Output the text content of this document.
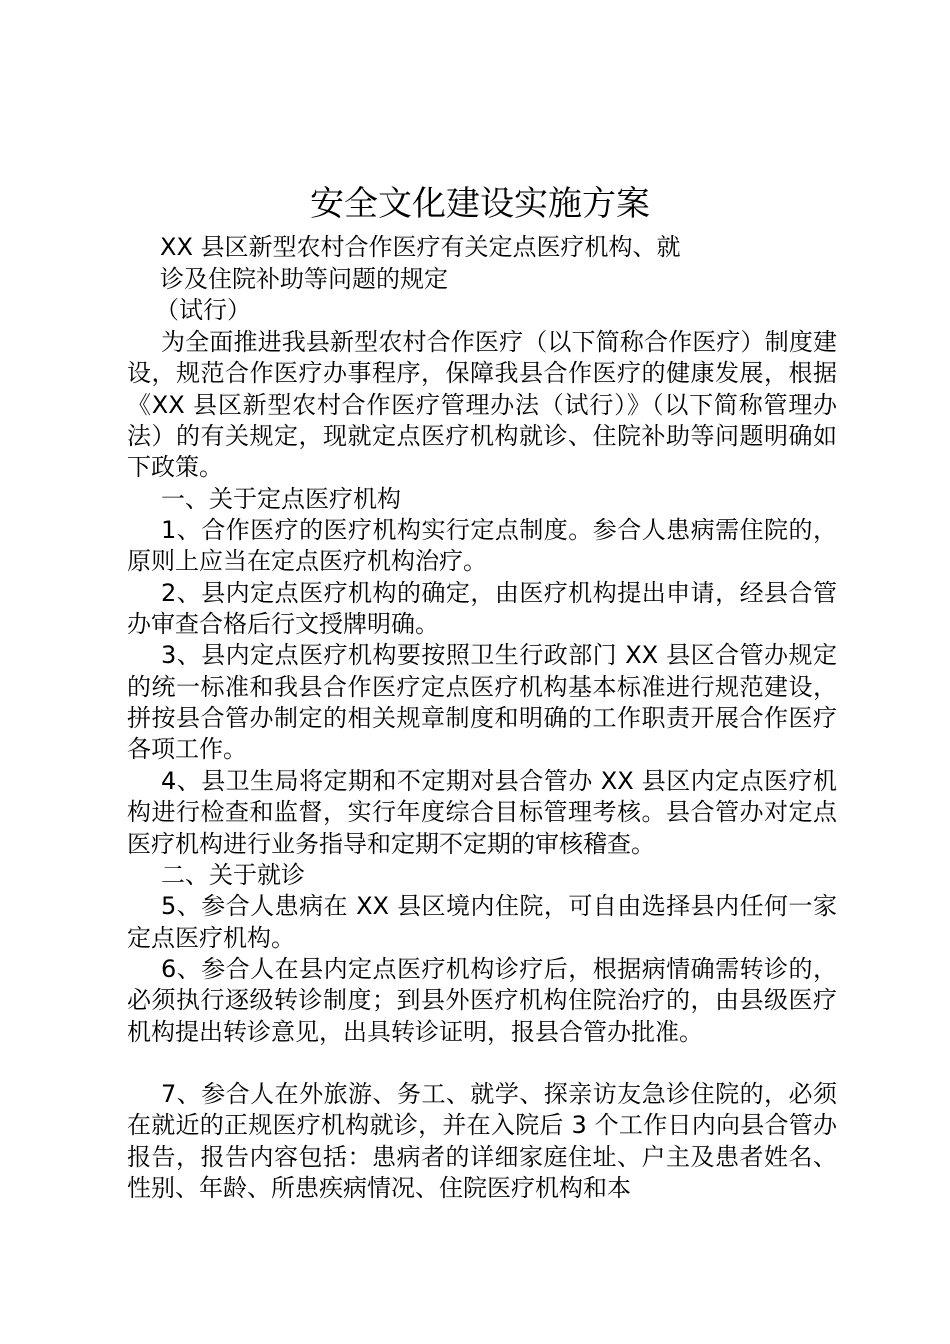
安全文化建设实施方案
XX 县区新型农村合作医疗有关定点医疗机构、就
诊及住院补助等问题的规定
（试行）

为全面推进我县新型农村合作医疗（以下简称合作医疗）制度建设，规范合作医疗办事程序，保障我县合作医疗的健康发展，根据《XX 县区新型农村合作医疗管理办法（试行）》（以下简称管理办法）的有关规定，现就定点医疗机构就诊、住院补助等问题明确如下政策。

一、关于定点医疗机构

1、合作医疗的医疗机构实行定点制度。参合人患病需住院的，原则上应当在定点医疗机构治疗。

2、县内定点医疗机构的确定，由医疗机构提出申请，经县合管办审查合格后行文授牌明确。

3、县内定点医疗机构要按照卫生行政部门 XX 县区合管办规定的统一标准和我县合作医疗定点医疗机构基本标准进行规范建设，拼按县合管办制定的相关规章制度和明确的工作职责开展合作医疗各项工作。

4、县卫生局将定期和不定期对县合管办 XX 县区内定点医疗机构进行检查和监督，实行年度综合目标管理考核。县合管办对定点医疗机构进行业务指导和定期不定期的审核稽查。

二、关于就诊

5、参合人患病在 XX 县区境内住院，可自由选择县内任何一家定点医疗机构。

6、参合人在县内定点医疗机构诊疗后，根据病情确需转诊的，必须执行逐级转诊制度；到县外医疗机构住院治疗的，由县级医疗机构提出转诊意见，出具转诊证明，报县合管办批准。

7、参合人在外旅游、务工、就学、探亲访友急诊住院的，必须在就近的正规医疗机构就诊，并在入院后 3 个工作日内向县合管办报告，报告内容包括：患病者的详细家庭住址、户主及患者姓名、性别、年龄、所患疾病情况、住院医疗机构和本
